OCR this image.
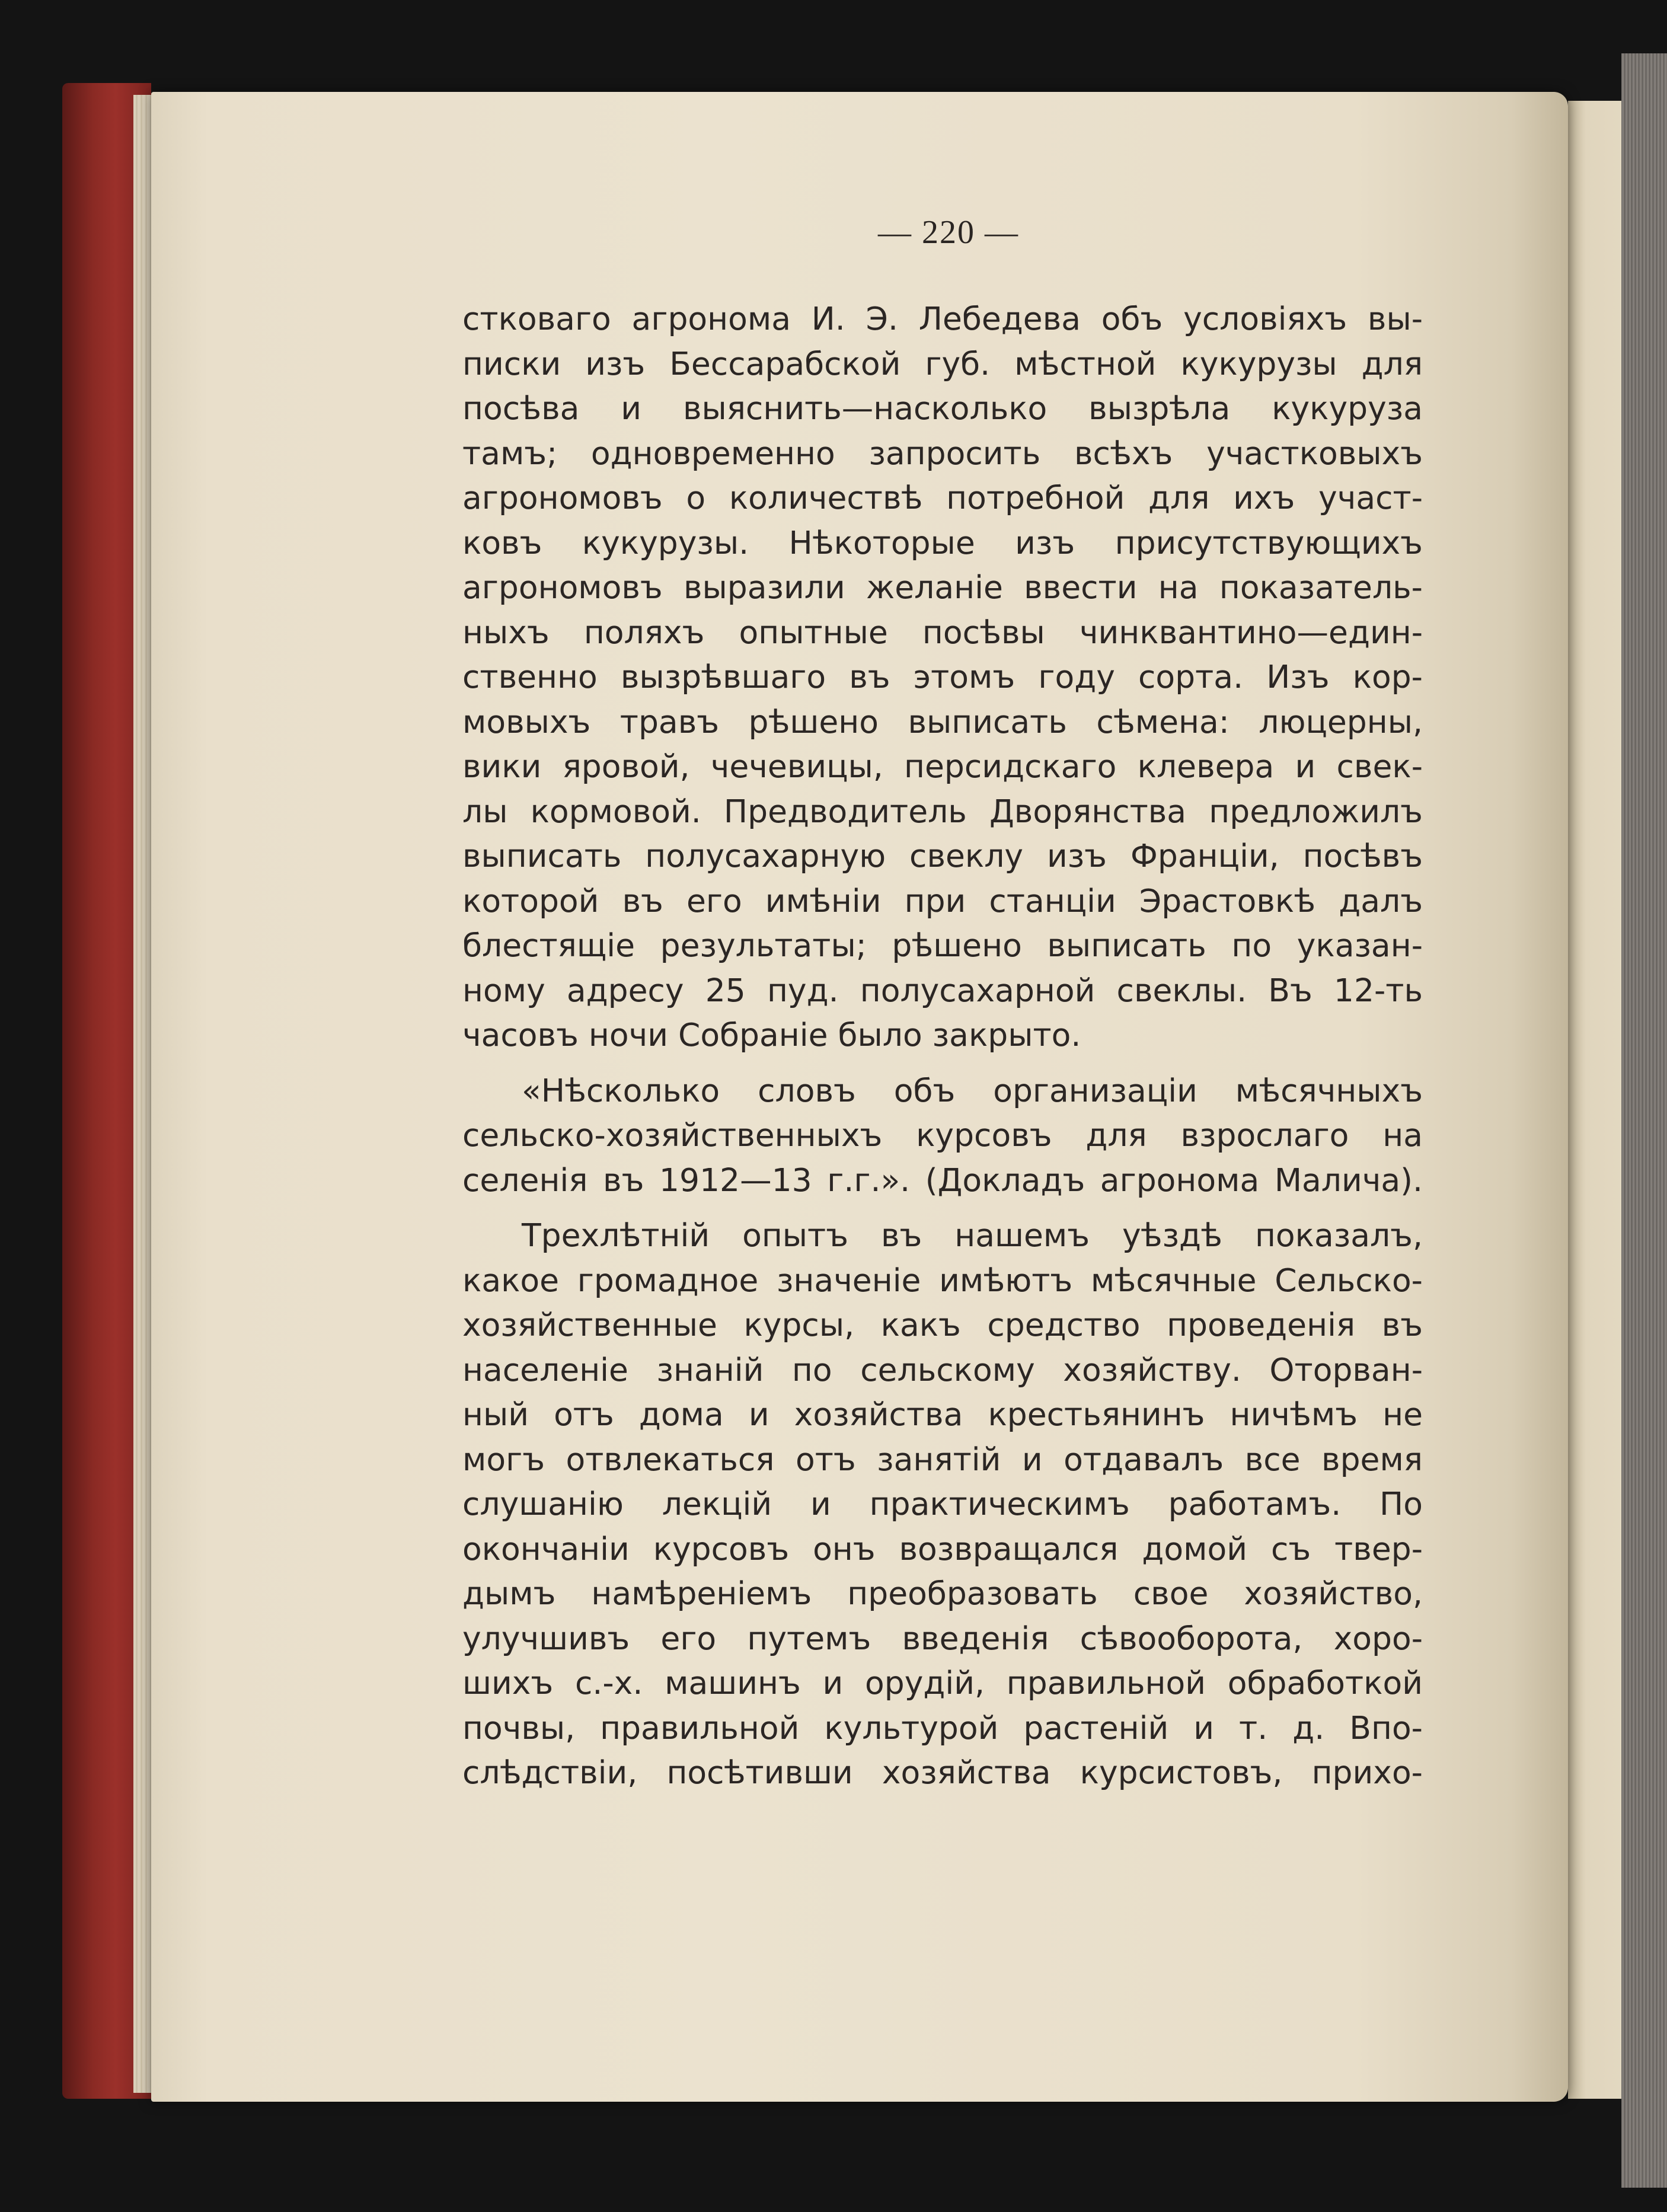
— 220 —
стковаго агронома И. Э. Лебедева объ условіяхъ вы-
писки изъ Бессарабской губ. мѣстной кукурузы для
посѣва и выяснить—насколько вызрѣла кукуруза
тамъ; одновременно запросить всѣхъ участковыхъ
агрономовъ о количествѣ потребной для ихъ участ-
ковъ кукурузы. Нѣкоторые изъ присутствующихъ
агрономовъ выразили желаніе ввести на показатель-
ныхъ поляхъ опытные посѣвы чинквантино—един-
ственно вызрѣвшаго въ этомъ году сорта. Изъ кор-
мовыхъ травъ рѣшено выписать сѣмена: люцерны,
вики яровой, чечевицы, персидскаго клевера и свек-
лы кормовой. Предводитель Дворянства предложилъ
выписать полусахарную свеклу изъ Франціи, посѣвъ
которой въ его имѣніи при станціи Эрастовкѣ далъ
блестящіе результаты; рѣшено выписать по указан-
ному адресу 25 пуд. полусахарной свеклы. Въ 12-ть
часовъ ночи Собраніе было закрыто.
«Нѣсколько словъ объ организаціи мѣсячныхъ
сельско-хозяйственныхъ курсовъ для взрослаго на
селенія въ 1912—13 г.г.». (Докладъ агронома Малича).
Трехлѣтній опытъ въ нашемъ уѣздѣ показалъ,
какое громадное значеніе имѣютъ мѣсячные Сельско-
хозяйственные курсы, какъ средство проведенія въ
населеніе знаній по сельскому хозяйству. Оторван-
ный отъ дома и хозяйства крестьянинъ ничѣмъ не
могъ отвлекаться отъ занятій и отдавалъ все время
слушанію лекцій и практическимъ работамъ. По
окончаніи курсовъ онъ возвращался домой съ твер-
дымъ намѣреніемъ преобразовать свое хозяйство,
улучшивъ его путемъ введенія сѣвооборота, хоро-
шихъ с.-х. машинъ и орудій, правильной обработкой
почвы, правильной культурой растеній и т. д. Впо-
слѣдствіи, посѣтивши хозяйства курсистовъ, прихо-
